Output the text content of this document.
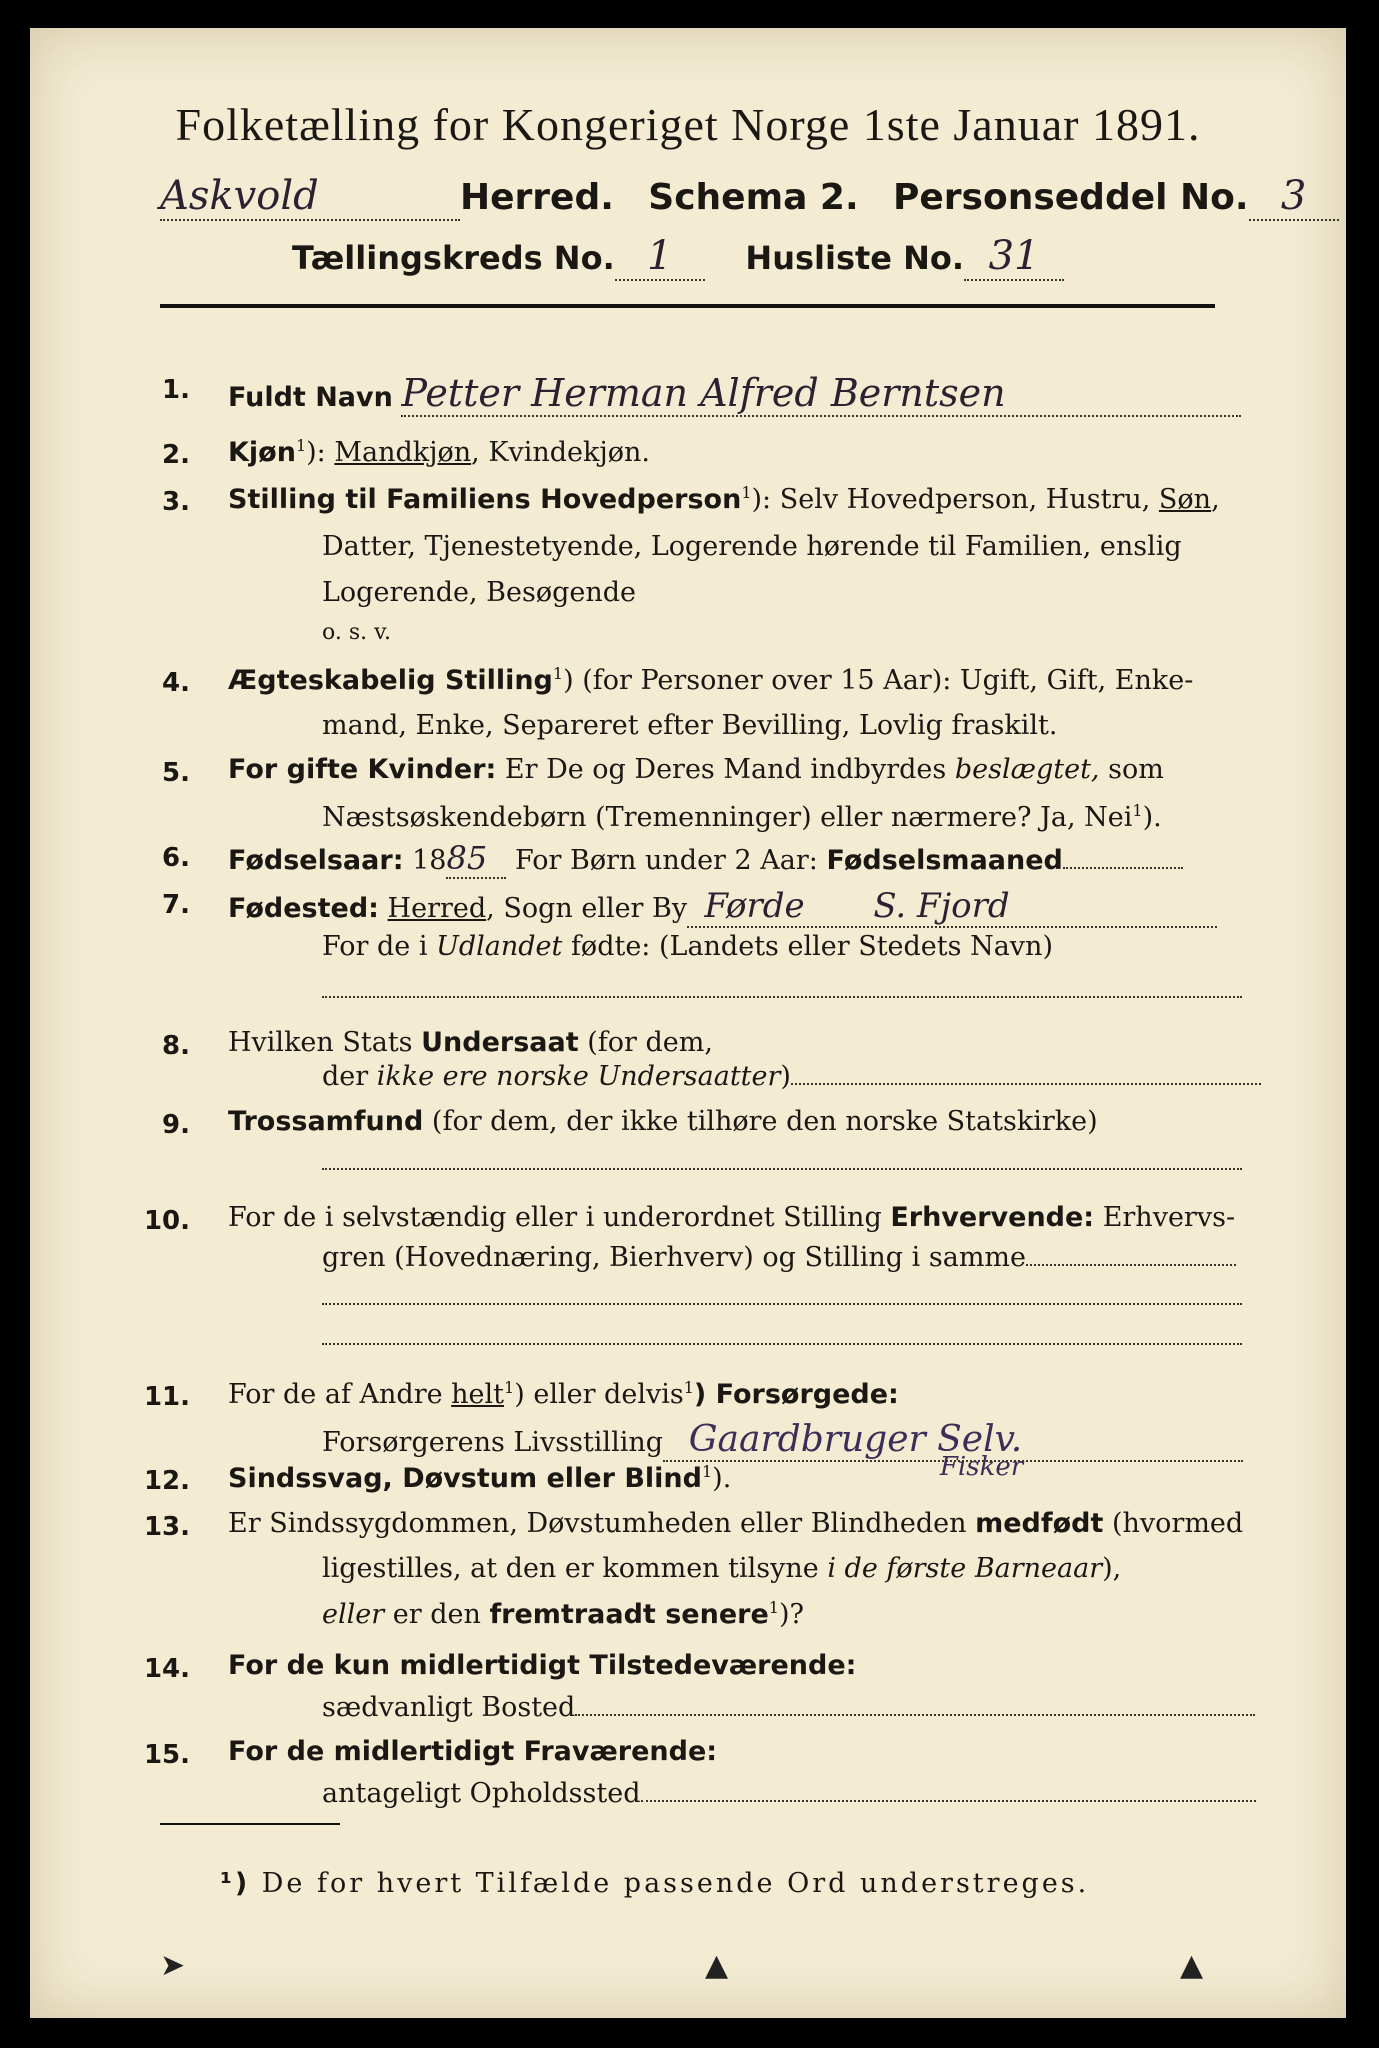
Folketælling for Kongeriget Norge 1ste Januar 1891.
Askvold	Herred. Schema 2. Personseddel No. 3
Tællingskreds No. 1 Husliste No. 31
1. Fuldt Navn Petter Herman Alfred Berntsen
2. Kjøn$^1$): Mandkjøn, Kvindekjøn.
3. Stilling til Familiens Hovedperson$^1$): Selv Hovedperson, Hustru, Søn,
Datter, Tjenestetyende, Logerende hørende til Familien, enslig
Logerende, Besøgende
o. s. v.
4. Ægteskabelig Stilling$^1$) (for Personer over 15 Aar): Ugift, Gift, Enke-
mand, Enke, Separeret efter Bevilling, Lovlig fraskilt.
5. For gifte Kvinder: Er De og Deres Mand indbyrdes beslægtet, som
Næstsøskendebørn (Tremenninger) eller nærmere? Ja, Nei$^1$).
6. Fødselsaar: 1885 For Børn under 2 Aar: Fødselsmaaned
7. Fødested: Herred, Sogn eller By Førde S. Fjord
For de i Udlandet fødte: (Landets eller Stedets Navn)
8. Hvilken Stats Undersaat (for dem,
der ikke ere norske Undersaatter)
9. Trossamfund (for dem, der ikke tilhøre den norske Statskirke)
10. For de i selvstændig eller i underordnet Stilling Erhvervende: Erhvervs-
gren (Hovednæring, Bierhverv) og Stilling i samme
11. For de af Andre helt$^1$) eller delvis$^1$) Forsørgede:
Forsørgerens Livsstilling Gaardbruger Selv.
12. Sindssvag, Døvstum eller Blind$^1$).	Fisker
13. Er Sindssygdommen, Døvstumheden eller Blindheden medfødt (hvormed
ligestilles, at den er kommen tilsyne i de første Barneaar),
eller er den fremtraadt senere$^1$)?
14. For de kun midlertidigt Tilstedeværende:
sædvanligt Bosted
15. For de midlertidigt Fraværende:
antageligt Opholdssted
¹) De for hvert Tilfælde passende Ord understreges.
➤	▲	▲
